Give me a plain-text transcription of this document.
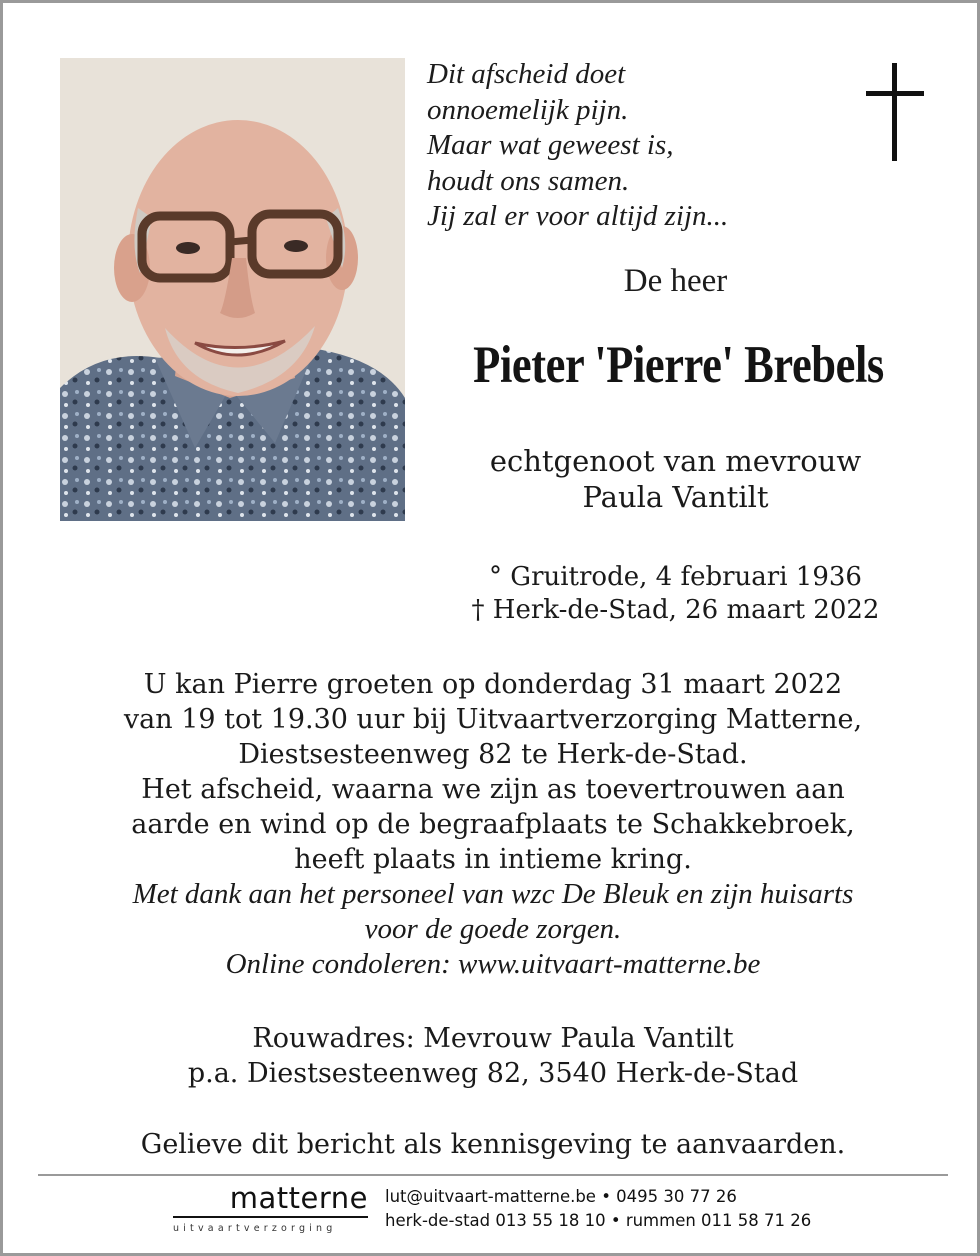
Dit afscheid doet
onnoemelijk pijn.
Maar wat geweest is,
houdt ons samen.
Jij zal er voor altijd zijn...
De heer
Pieter 'Pierre' Brebels
echtgenoot van mevrouw
Paula Vantilt
° Gruitrode, 4 februari 1936
† Herk-de-Stad, 26 maart 2022
U kan Pierre groeten op donderdag 31 maart 2022
van 19 tot 19.30 uur bij Uitvaartverzorging Matterne,
Diestsesteenweg 82 te Herk-de-Stad.
Het afscheid, waarna we zijn as toevertrouwen aan
aarde en wind op de begraafplaats te Schakkebroek,
heeft plaats in intieme kring.
Met dank aan het personeel van wzc De Bleuk en zijn huisarts
voor de goede zorgen.
Online condoleren: www.uitvaart-matterne.be
Rouwadres: Mevrouw Paula Vantilt
p.a. Diestsesteenweg 82, 3540 Herk-de-Stad
Gelieve dit bericht als kennisgeving te aanvaarden.
matterne
uitvaartverzorging
lut@uitvaart-matterne.be • 0495 30 77 26
herk-de-stad 013 55 18 10 • rummen 011 58 71 26
